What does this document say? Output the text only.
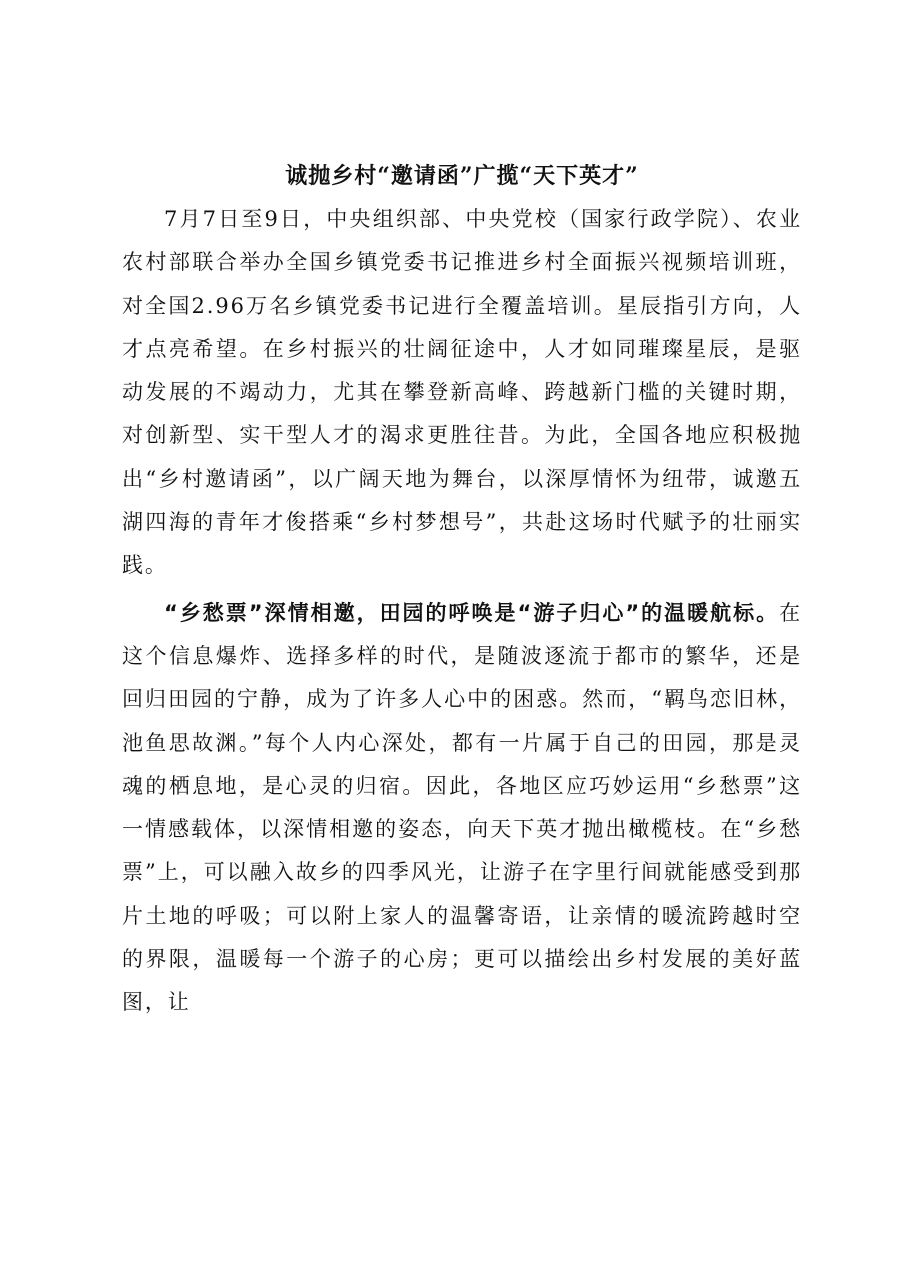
诚抛乡村“邀请函”广揽“天下英才”

7月7日至9日，中央组织部、中央党校（国家行政学院）、农业农村部联合举办全国乡镇党委书记推进乡村全面振兴视频培训班，对全国2.96万名乡镇党委书记进行全覆盖培训。星辰指引方向，人才点亮希望。在乡村振兴的壮阔征途中，人才如同璀璨星辰，是驱动发展的不竭动力，尤其在攀登新高峰、跨越新门槛的关键时期，对创新型、实干型人才的渴求更胜往昔。为此，全国各地应积极抛出“乡村邀请函”，以广阔天地为舞台，以深厚情怀为纽带，诚邀五湖四海的青年才俊搭乘“乡村梦想号”，共赴这场时代赋予的壮丽实践。

“乡愁票”深情相邀，田园的呼唤是“游子归心”的温暖航标。在这个信息爆炸、选择多样的时代，是随波逐流于都市的繁华，还是回归田园的宁静，成为了许多人心中的困惑。然而，“羁鸟恋旧林，池鱼思故渊。”每个人内心深处，都有一片属于自己的田园，那是灵魂的栖息地，是心灵的归宿。因此，各地区应巧妙运用“乡愁票”这一情感载体，以深情相邀的姿态，向天下英才抛出橄榄枝。在“乡愁票”上，可以融入故乡的四季风光，让游子在字里行间就能感受到那片土地的呼吸；可以附上家人的温馨寄语，让亲情的暖流跨越时空的界限，温暖每一个游子的心房；更可以描绘出乡村发展的美好蓝图，让
